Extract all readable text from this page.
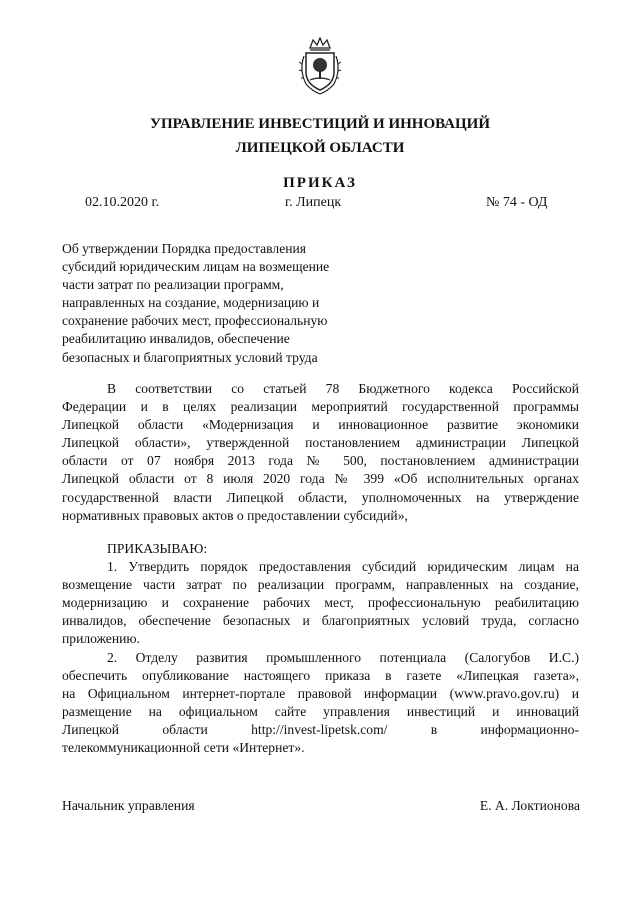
УПРАВЛЕНИЕ ИНВЕСТИЦИЙ И ИННОВАЦИЙ
ЛИПЕЦКОЙ ОБЛАСТИ
ПРИКАЗ
02.10.2020 г.	г. Липецк	№ 74 - ОД
Об утверждении Порядка предоставления
субсидий юридическим лицам на возмещение
части затрат по реализации программ,
направленных на создание, модернизацию и
сохранение рабочих мест, профессиональную
реабилитацию инвалидов, обеспечение
безопасных и благоприятных условий труда
В соответствии со статьей 78 Бюджетного кодекса Российской
Федерации и в целях реализации мероприятий государственной программы
Липецкой области «Модернизация и инновационное развитие экономики
Липецкой области», утвержденной постановлением администрации Липецкой
области от 07 ноября 2013 года № 500, постановлением администрации
Липецкой области от 8 июля 2020 года № 399 «Об исполнительных органах
государственной власти Липецкой области, уполномоченных на утверждение
нормативных правовых актов о предоставлении субсидий»,
ПРИКАЗЫВАЮ:
1. Утвердить порядок предоставления субсидий юридическим лицам на
возмещение части затрат по реализации программ, направленных на создание,
модернизацию и сохранение рабочих мест, профессиональную реабилитацию
инвалидов, обеспечение безопасных и благоприятных условий труда, согласно
приложению.
2. Отделу развития промышленного потенциала (Салогубов И.С.)
обеспечить опубликование настоящего приказа в газете «Липецкая газета»,
на Официальном интернет-портале правовой информации (www.pravo.gov.ru) и
размещение на официальном сайте управления инвестиций и инноваций
Липецкой области http://invest-lipetsk.com/ в информационно-
телекоммуникационной сети «Интернет».
Начальник управления	Е. А. Локтионова
